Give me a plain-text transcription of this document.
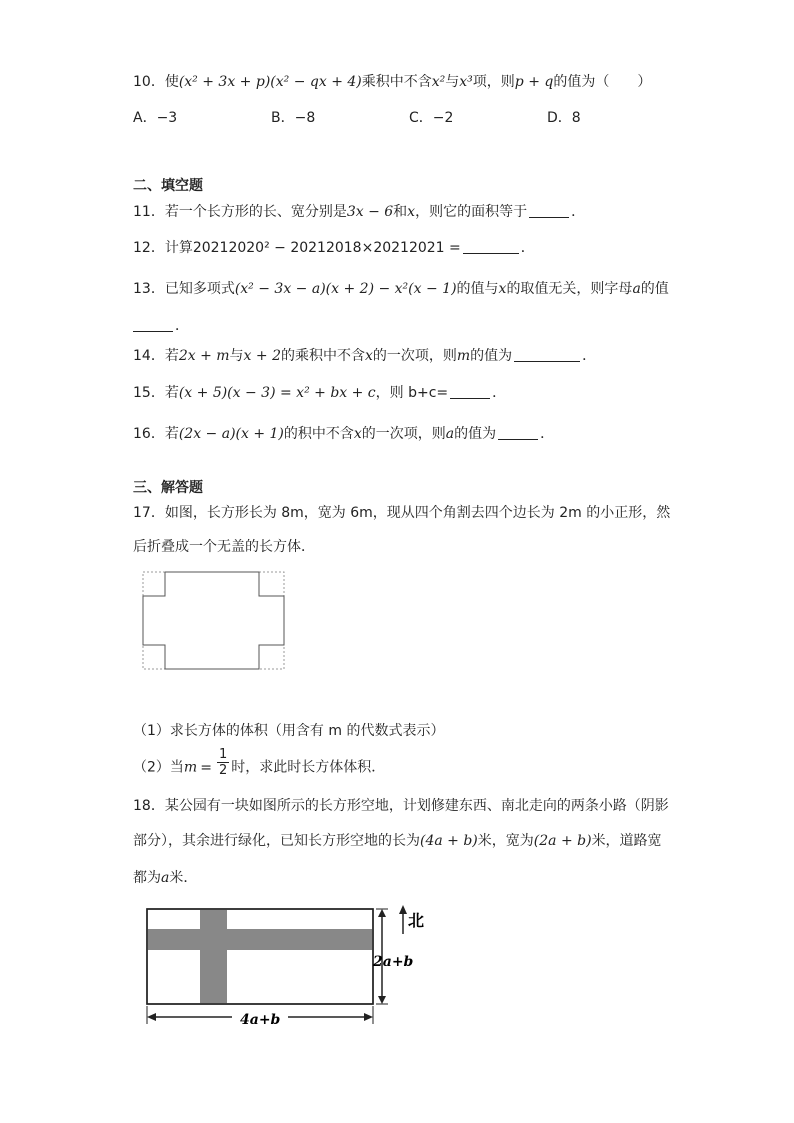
10．使(x² + 3x + p)(x² − qx + 4)乘积中不含x²与x³项，则p + q的值为（　　）
A．−3	B．−8	C．−2	D．8
二、填空题
11．若一个长方形的长、宽分别是3x − 6和x，则它的面积等于	．
12．计算20212020² − 20212018×20212021 =	．
13．已知多项式(x² − 3x − a)(x + 2) − x²(x − 1)的值与x的取值无关，则字母a的值
．
14．若2x + m与x + 2的乘积中不含x的一次项，则m的值为	．
15．若(x + 5)(x − 3) = x² + bx + c，则 b+c=	．
16．若(2x − a)(x + 1)的积中不含x的一次项，则a的值为	．
三、解答题
17．如图，长方形长为 8m，宽为 6m，现从四个角割去四个边长为 2m 的小正形，然
后折叠成一个无盖的长方体．
（1）求长方体的体积（用含有 m 的代数式表示）
（2）当$m = \frac{1}{2}$ 时，求此时长方体体积．
18．某公园有一块如图所示的长方形空地，计划修建东西、南北走向的两条小路（阴影
部分），其余进行绿化，已知长方形空地的长为(4a + b)米，宽为(2a + b)米，道路宽
都为a米．
北
2a+b
4a+b
